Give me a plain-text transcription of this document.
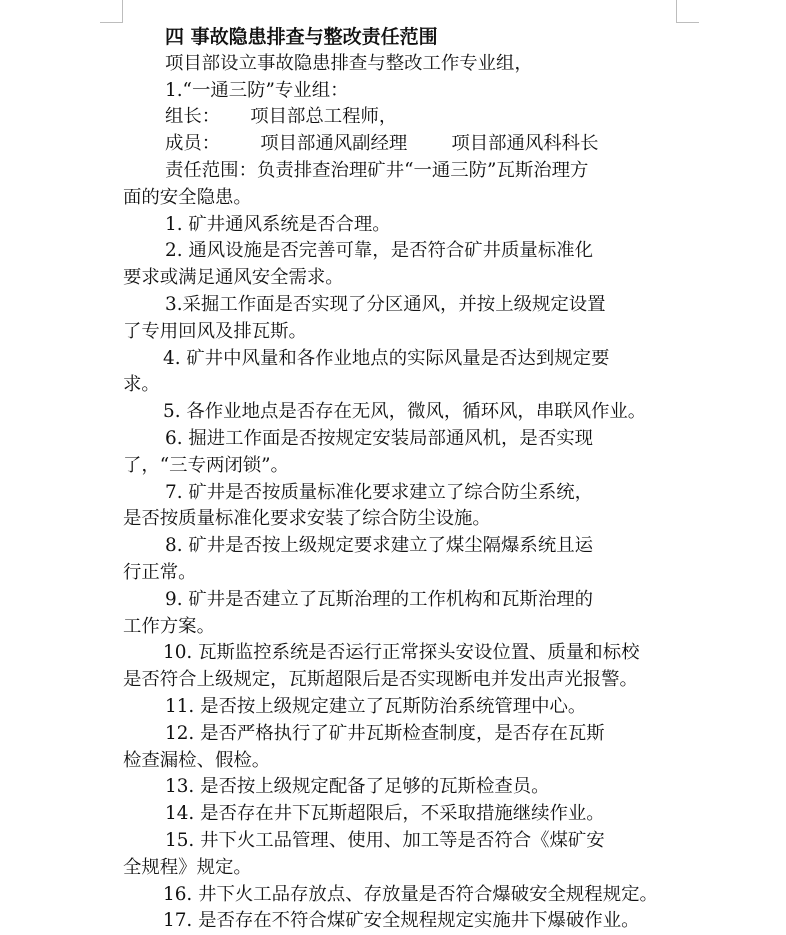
四 事故隐患排查与整改责任范围
项目部设立事故隐患排查与整改工作专业组，
1.“一通三防”专业组：
组长： 项目部总工程师，
成员： 项目部通风副经理 项目部通风科科长
责任范围：负责排查治理矿井“一通三防”瓦斯治理方
面的安全隐患。
1. 矿井通风系统是否合理。
2. 通风设施是否完善可靠，是否符合矿井质量标准化
要求或满足通风安全需求。
3.采掘工作面是否实现了分区通风，并按上级规定设置
了专用回风及排瓦斯。
4. 矿井中风量和各作业地点的实际风量是否达到规定要
求。
5. 各作业地点是否存在无风，微风，循环风，串联风作业。
6. 掘进工作面是否按规定安装局部通风机，是否实现
了，“三专两闭锁”。
7. 矿井是否按质量标准化要求建立了综合防尘系统，
是否按质量标准化要求安装了综合防尘设施。
8. 矿井是否按上级规定要求建立了煤尘隔爆系统且运
行正常。
9. 矿井是否建立了瓦斯治理的工作机构和瓦斯治理的
工作方案。
10. 瓦斯监控系统是否运行正常探头安设位置、质量和标校
是否符合上级规定，瓦斯超限后是否实现断电并发出声光报警。
11. 是否按上级规定建立了瓦斯防治系统管理中心。
12. 是否严格执行了矿井瓦斯检查制度，是否存在瓦斯
检查漏检、假检。
13. 是否按上级规定配备了足够的瓦斯检查员。
14. 是否存在井下瓦斯超限后，不采取措施继续作业。
15. 井下火工品管理、使用、加工等是否符合《煤矿安
全规程》规定。
16. 井下火工品存放点、存放量是否符合爆破安全规程规定。
17. 是否存在不符合煤矿安全规程规定实施井下爆破作业。
